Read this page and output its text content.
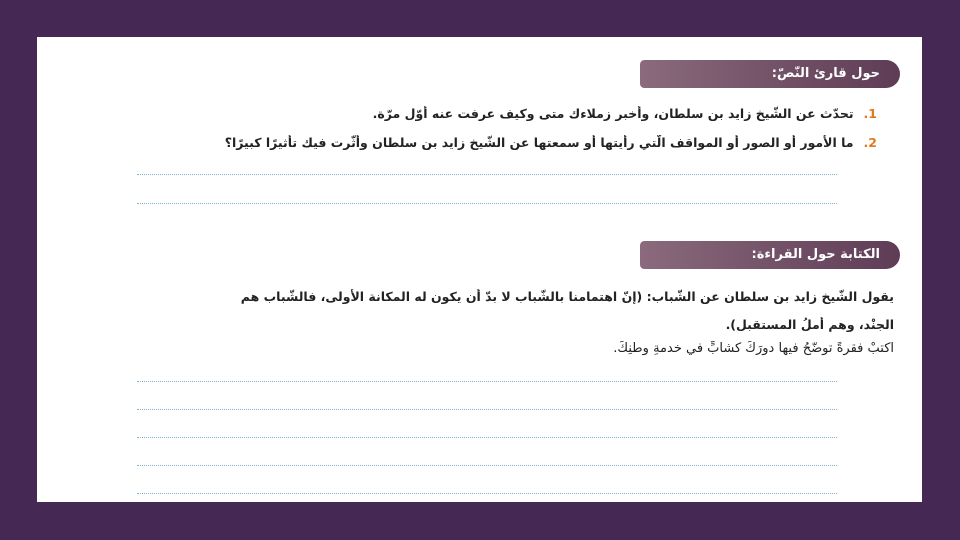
حول قارئ النّصّ:
1.تحدّث عن الشّيخ زايد بن سلطان، وأخبر زملاءك متى وكيف عرفت عنه أوّل مرّة.
2.ما الأمور أو الصور أو المواقف الّتي رأيتها أو سمعتها عن الشّيخ زايد بن سلطان وأثّرت فيك تأثيرًا كبيرًا؟
الكتابة حول القراءة:
يقول الشّيخ زايد بن سلطان عن الشّباب: (إنّ اهتمامنا بالشّباب لا بدّ أن يكون له المكانة الأولى، فالشّباب هم
الجنْد، وهم أملُ المستقبل).
اكتبْ فقرةً توضّحُ فيها دورَكَ كشابٍّ في خدمةِ وطنِكَ.
